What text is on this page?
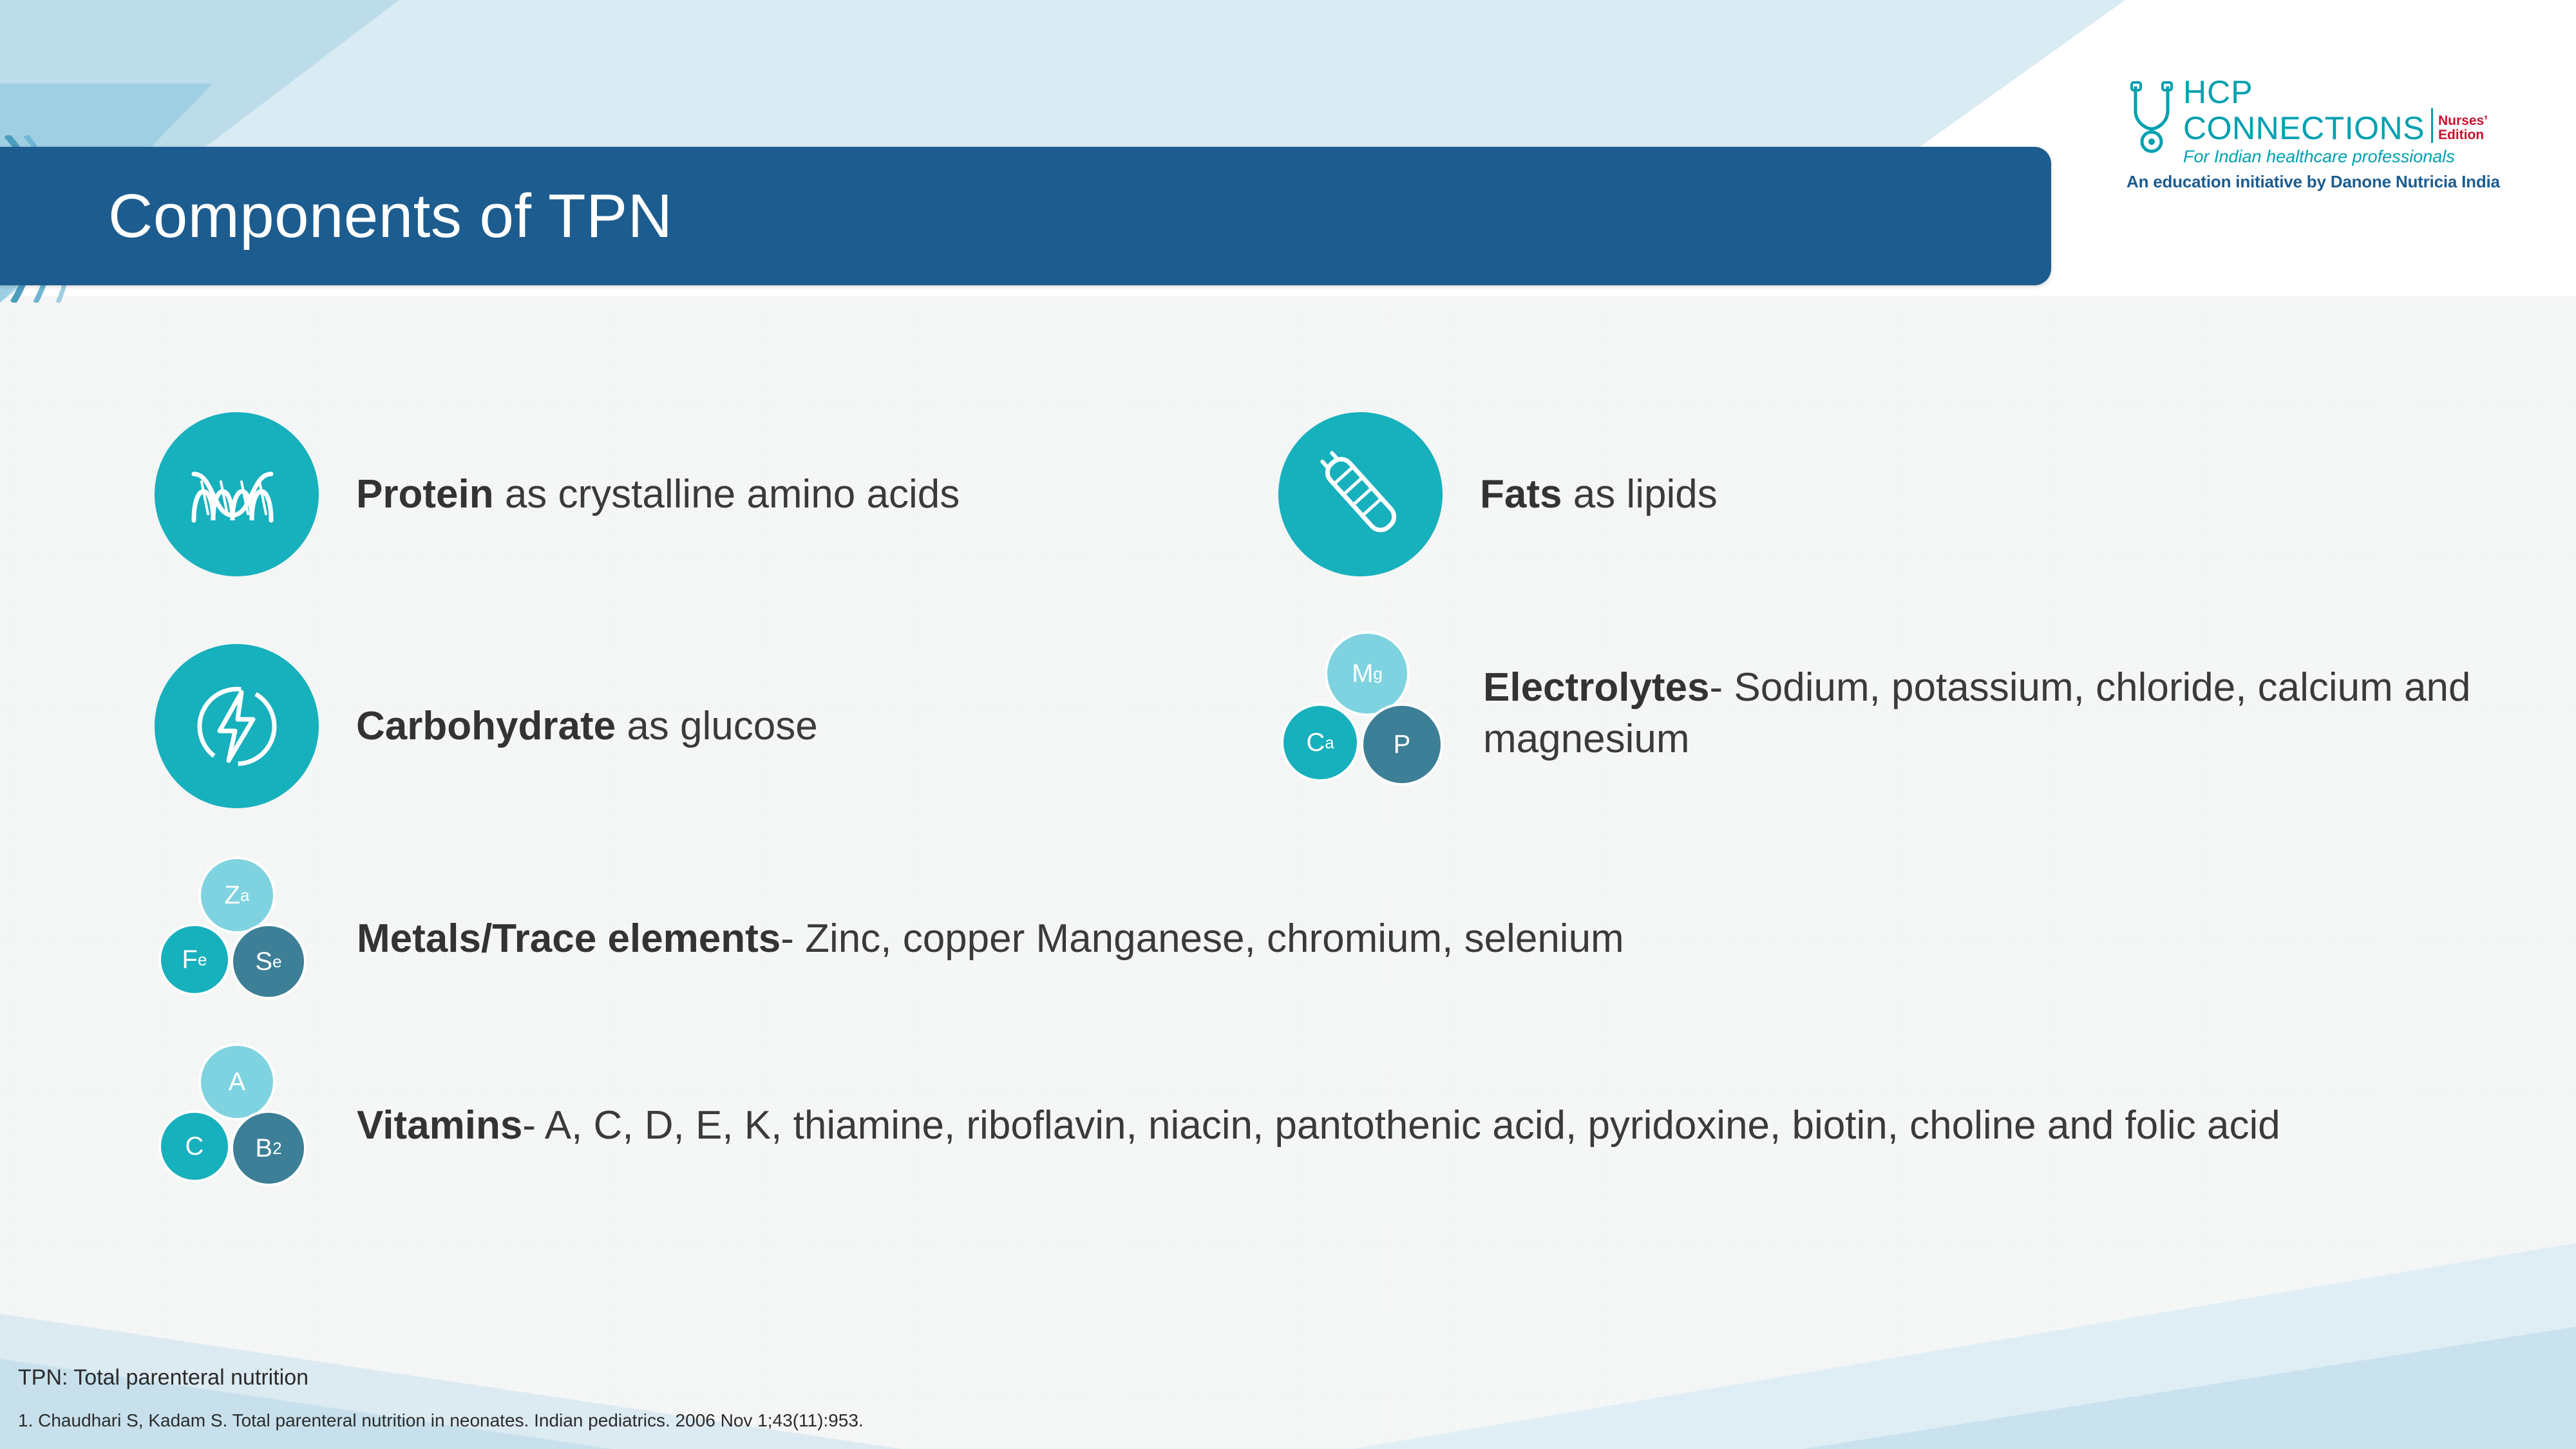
Components of TPN
HCP
CONNECTIONS Nurses’
Edition
For Indian healthcare professionals
An education initiative by Danone Nutricia India
Protein as crystalline amino acids	Fats as lipids
Carbohydrate as glucose
M g
C a P
Electrolytes- Sodium, potassium, chloride, calcium and magnesium
Z a
F e S e
Metals/Trace elements- Zinc, copper Manganese, chromium, selenium
A
C B 2
Vitamins- A, C, D, E, K, thiamine, riboflavin, niacin, pantothenic acid, pyridoxine, biotin, choline and folic acid
TPN: Total parenteral nutrition
1. Chaudhari S, Kadam S. Total parenteral nutrition in neonates. Indian pediatrics. 2006 Nov 1;43(11):953.
